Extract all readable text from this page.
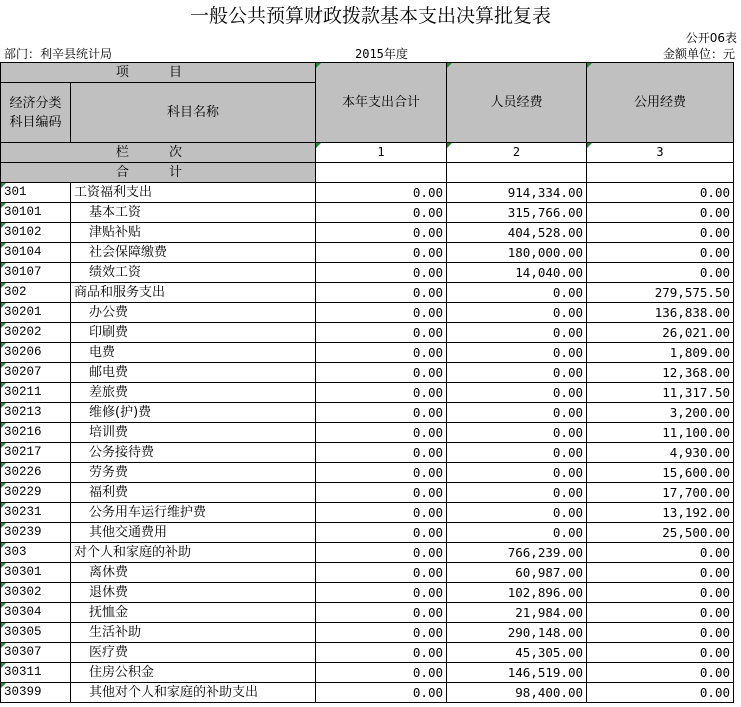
一般公共预算财政拨款基本支出决算批复表
公开06表
部门：利辛县统计局	2015年度	金额单位：元
项 目		本年支出合计	人员经费	公用经费

经济分类
科目编码	科目名称			

栏 次		1	2	3
合 计				
301	工资福利支出	0.00	914,334.00	0.00
30101	基本工资	0.00	315,766.00	0.00
30102	津贴补贴	0.00	404,528.00	0.00
30104	社会保障缴费	0.00	180,000.00	0.00
30107	绩效工资	0.00	14,040.00	0.00
302	商品和服务支出	0.00	0.00	279,575.50
30201	办公费	0.00	0.00	136,838.00
30202	印刷费	0.00	0.00	26,021.00
30206	电费	0.00	0.00	1,809.00
30207	邮电费	0.00	0.00	12,368.00
30211	差旅费	0.00	0.00	11,317.50
30213	维修(护)费	0.00	0.00	3,200.00
30216	培训费	0.00	0.00	11,100.00
30217	公务接待费	0.00	0.00	4,930.00
30226	劳务费	0.00	0.00	15,600.00
30229	福利费	0.00	0.00	17,700.00
30231	公务用车运行维护费	0.00	0.00	13,192.00
30239	其他交通费用	0.00	0.00	25,500.00
303	对个人和家庭的补助	0.00	766,239.00	0.00
30301	离休费	0.00	60,987.00	0.00
30302	退休费	0.00	102,896.00	0.00
30304	抚恤金	0.00	21,984.00	0.00
30305	生活补助	0.00	290,148.00	0.00
30307	医疗费	0.00	45,305.00	0.00
30311	住房公积金	0.00	146,519.00	0.00
30399	其他对个人和家庭的补助支出	0.00	98,400.00	0.00
